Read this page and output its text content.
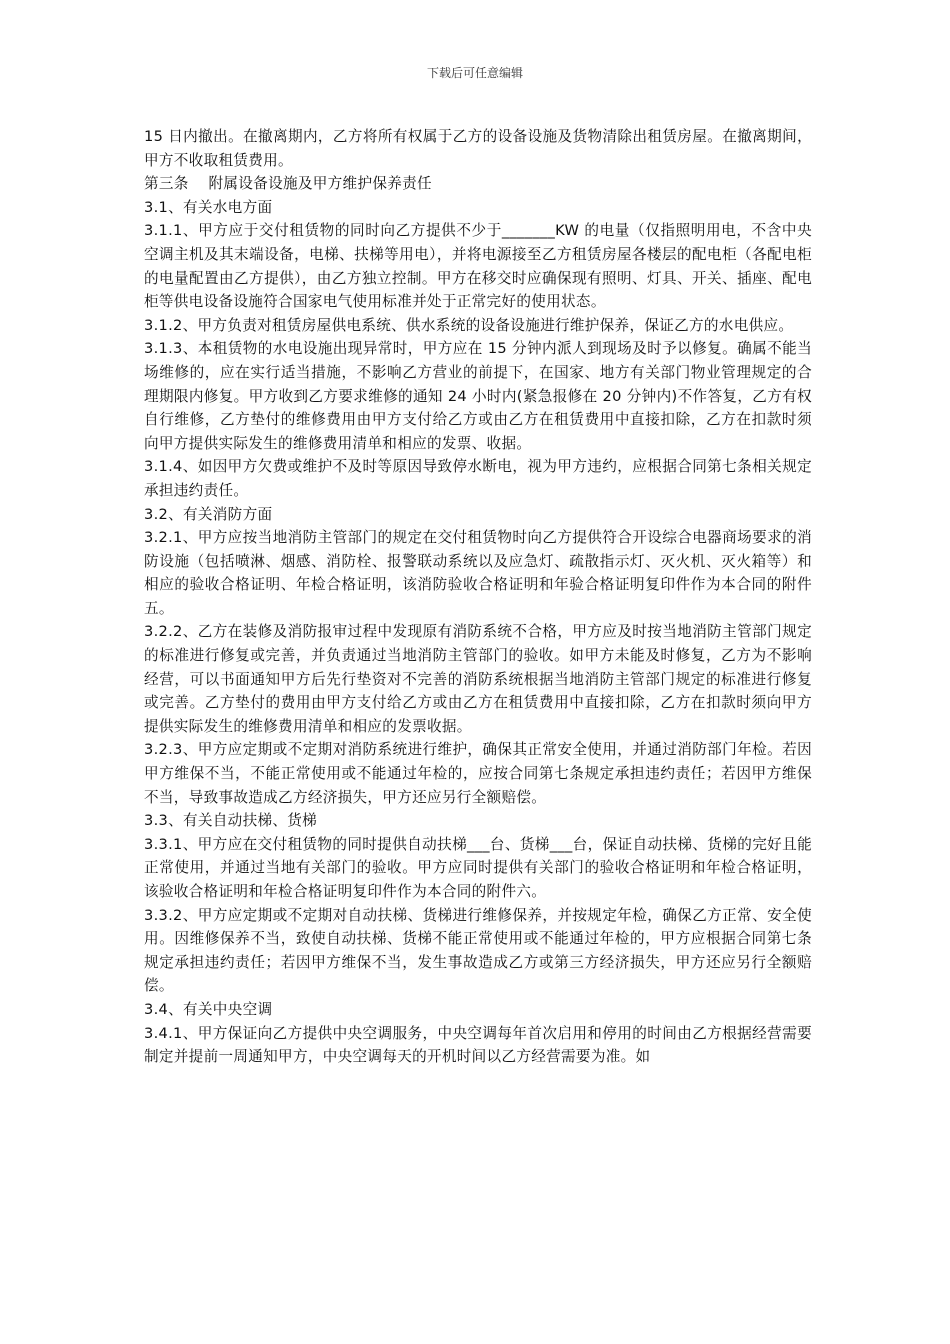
下载后可任意编辑

15 日内撤出。在撤离期内，乙方将所有权属于乙方的设备设施及货物清除出租赁房屋。在撤离期间，甲方不收取租赁费用。

第三条　 附属设备设施及甲方维护保养责任

3.1、有关水电方面

3.1.1、甲方应于交付租赁物的同时向乙方提供不少于_______KW 的电量（仅指照明用电，不含中央空调主机及其末端设备，电梯、扶梯等用电），并将电源接至乙方租赁房屋各楼层的配电柜（各配电柜的电量配置由乙方提供），由乙方独立控制。甲方在移交时应确保现有照明、灯具、开关、插座、配电柜等供电设备设施符合国家电气使用标准并处于正常完好的使用状态。

3.1.2、甲方负责对租赁房屋供电系统、供水系统的设备设施进行维护保养，保证乙方的水电供应。

3.1.3、本租赁物的水电设施出现异常时，甲方应在 15 分钟内派人到现场及时予以修复。确属不能当场维修的，应在实行适当措施，不影响乙方营业的前提下，在国家、地方有关部门物业管理规定的合理期限内修复。甲方收到乙方要求维修的通知 24 小时内(紧急报修在 20 分钟内)不作答复，乙方有权自行维修，乙方垫付的维修费用由甲方支付给乙方或由乙方在租赁费用中直接扣除，乙方在扣款时须向甲方提供实际发生的维修费用清单和相应的发票、收据。

3.1.4、如因甲方欠费或维护不及时等原因导致停水断电，视为甲方违约，应根据合同第七条相关规定承担违约责任。

3.2、有关消防方面

3.2.1、甲方应按当地消防主管部门的规定在交付租赁物时向乙方提供符合开设综合电器商场要求的消防设施（包括喷淋、烟感、消防栓、报警联动系统以及应急灯、疏散指示灯、灭火机、灭火箱等）和相应的验收合格证明、年检合格证明，该消防验收合格证明和年验合格证明复印件作为本合同的附件五。

3.2.2、乙方在装修及消防报审过程中发现原有消防系统不合格，甲方应及时按当地消防主管部门规定的标准进行修复或完善，并负责通过当地消防主管部门的验收。如甲方未能及时修复，乙方为不影响经营，可以书面通知甲方后先行垫资对不完善的消防系统根据当地消防主管部门规定的标准进行修复或完善。乙方垫付的费用由甲方支付给乙方或由乙方在租赁费用中直接扣除，乙方在扣款时须向甲方提供实际发生的维修费用清单和相应的发票收据。

3.2.3、甲方应定期或不定期对消防系统进行维护，确保其正常安全使用，并通过消防部门年检。若因甲方维保不当，不能正常使用或不能通过年检的，应按合同第七条规定承担违约责任；若因甲方维保不当，导致事故造成乙方经济损失，甲方还应另行全额赔偿。

3.3、有关自动扶梯、货梯

3.3.1、甲方应在交付租赁物的同时提供自动扶梯___台、货梯___台，保证自动扶梯、货梯的完好且能正常使用，并通过当地有关部门的验收。甲方应同时提供有关部门的验收合格证明和年检合格证明，该验收合格证明和年检合格证明复印件作为本合同的附件六。

3.3.2、甲方应定期或不定期对自动扶梯、货梯进行维修保养，并按规定年检，确保乙方正常、安全使用。因维修保养不当，致使自动扶梯、货梯不能正常使用或不能通过年检的，甲方应根据合同第七条规定承担违约责任；若因甲方维保不当，发生事故造成乙方或第三方经济损失，甲方还应另行全额赔偿。

3.4、有关中央空调

3.4.1、甲方保证向乙方提供中央空调服务，中央空调每年首次启用和停用的时间由乙方根据经营需要制定并提前一周通知甲方，中央空调每天的开机时间以乙方经营需要为准。如
